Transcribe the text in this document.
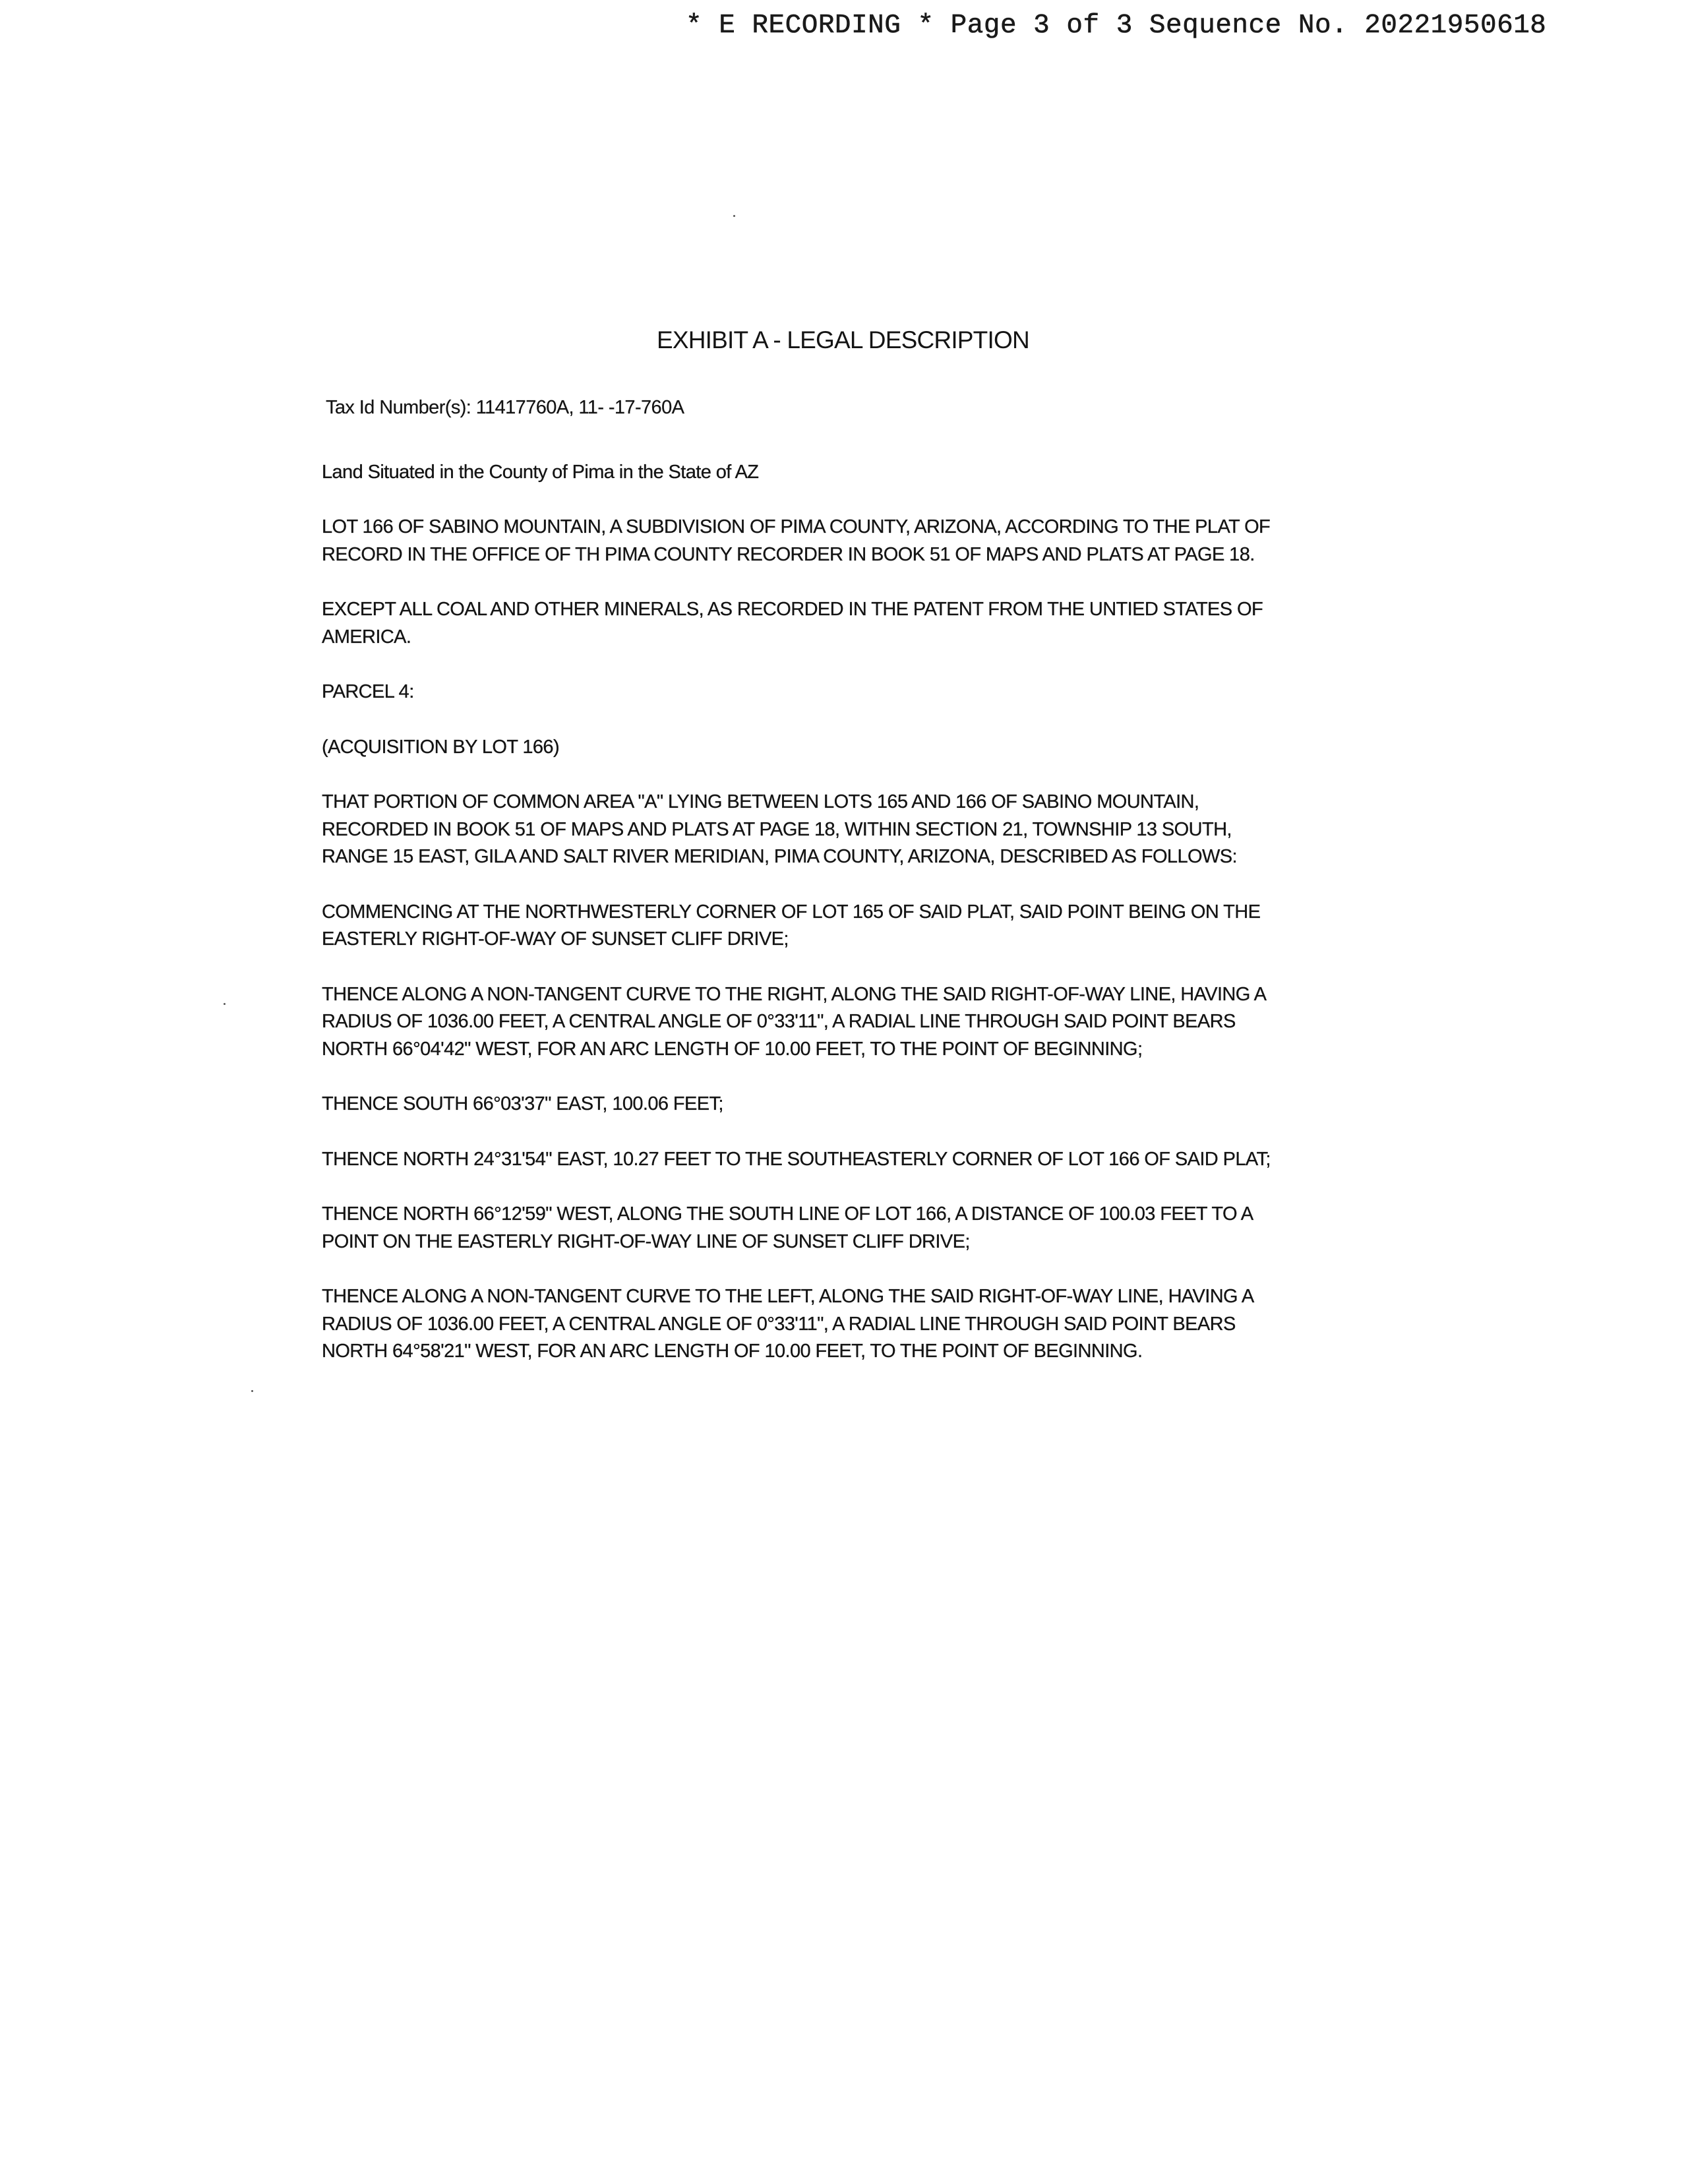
* E RECORDING * Page 3 of 3 Sequence No. 20221950618
EXHIBIT A - LEGAL DESCRIPTION

Tax Id Number(s): 11417760A, 11- -17-760A

Land Situated in the County of Pima in the State of AZ

LOT 166 OF SABINO MOUNTAIN, A SUBDIVISION OF PIMA COUNTY, ARIZONA, ACCORDING TO THE PLAT OF RECORD IN THE OFFICE OF TH PIMA COUNTY RECORDER IN BOOK 51 OF MAPS AND PLATS AT PAGE 18.

EXCEPT ALL COAL AND OTHER MINERALS, AS RECORDED IN THE PATENT FROM THE UNTIED STATES OF AMERICA.

PARCEL 4:

(ACQUISITION BY LOT 166)

THAT PORTION OF COMMON AREA "A" LYING BETWEEN LOTS 165 AND 166 OF SABINO MOUNTAIN, RECORDED IN BOOK 51 OF MAPS AND PLATS AT PAGE 18, WITHIN SECTION 21, TOWNSHIP 13 SOUTH, RANGE 15 EAST, GILA AND SALT RIVER MERIDIAN, PIMA COUNTY, ARIZONA, DESCRIBED AS FOLLOWS:

COMMENCING AT THE NORTHWESTERLY CORNER OF LOT 165 OF SAID PLAT, SAID POINT BEING ON THE EASTERLY RIGHT-OF-WAY OF SUNSET CLIFF DRIVE;

THENCE ALONG A NON-TANGENT CURVE TO THE RIGHT, ALONG THE SAID RIGHT-OF-WAY LINE, HAVING A RADIUS OF 1036.00 FEET, A CENTRAL ANGLE OF 0°33'11", A RADIAL LINE THROUGH SAID POINT BEARS NORTH 66°04'42" WEST, FOR AN ARC LENGTH OF 10.00 FEET, TO THE POINT OF BEGINNING;

THENCE SOUTH 66°03'37" EAST, 100.06 FEET;

THENCE NORTH 24°31'54" EAST, 10.27 FEET TO THE SOUTHEASTERLY CORNER OF LOT 166 OF SAID PLAT;

THENCE NORTH 66°12'59" WEST, ALONG THE SOUTH LINE OF LOT 166, A DISTANCE OF 100.03 FEET TO A POINT ON THE EASTERLY RIGHT-OF-WAY LINE OF SUNSET CLIFF DRIVE;

THENCE ALONG A NON-TANGENT CURVE TO THE LEFT, ALONG THE SAID RIGHT-OF-WAY LINE, HAVING A RADIUS OF 1036.00 FEET, A CENTRAL ANGLE OF 0°33'11", A RADIAL LINE THROUGH SAID POINT BEARS NORTH 64°58'21" WEST, FOR AN ARC LENGTH OF 10.00 FEET, TO THE POINT OF BEGINNING.
